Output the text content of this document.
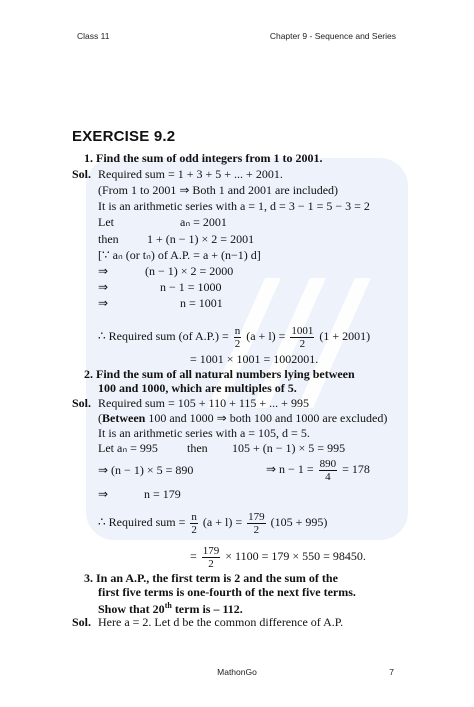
Class 11	Chapter 9 - Sequence and Series
EXERCISE 9.2
1. Find the sum of odd integers from 1 to 2001.
Sol. Required sum = 1 + 3 + 5 + ... + 2001.
(From 1 to 2001 ⇒ Both 1 and 2001 are included)
It is an arithmetic series with a = 1, d = 3 − 1 = 5 − 3 = 2
Let	aₙ = 2001
then 1 + (n − 1) × 2 = 2001
[∵ aₙ (or tₙ) of A.P. = a + (n−1) d]
⇒	(n − 1) × 2 = 2000
⇒	n − 1 = 1000
⇒	n = 1001
∴ Required sum (of $A.P.) = \frac{n}{2} (a + l) = \frac{1001}{2} (1 + 2001)$
= 1001 × 1001 = 1002001.
2. Find the sum of all natural numbers lying between
100 and 1000, which are multiples of 5.
Sol. Required sum = 105 + 110 + 115 + ... + 995
(Between 100 and 1000 ⇒ both 100 and 1000 are excluded)
It is an arithmetic series with a = 105, d = 5.
Let aₙ = 995 then 105 + (n − 1) × 5 = 995
⇒ (n − 1) × 5 = 890	⇒ $n - 1 = \frac{890}{4} = 178$
⇒	n = 179
∴ Required sum = $\frac{n}{2} (a + l) = \frac{179}{2} (105 + 995)$
= $\frac{179}{2} \times 1100 = 179 \times 550 = 98450$.
3. In an A.P., the first term is 2 and the sum of the
first five terms is one-fourth of the next five terms.
Show that 20th term is – 112.
Sol. Here a = 2. Let d be the common difference of A.P.
MathonGo	7
